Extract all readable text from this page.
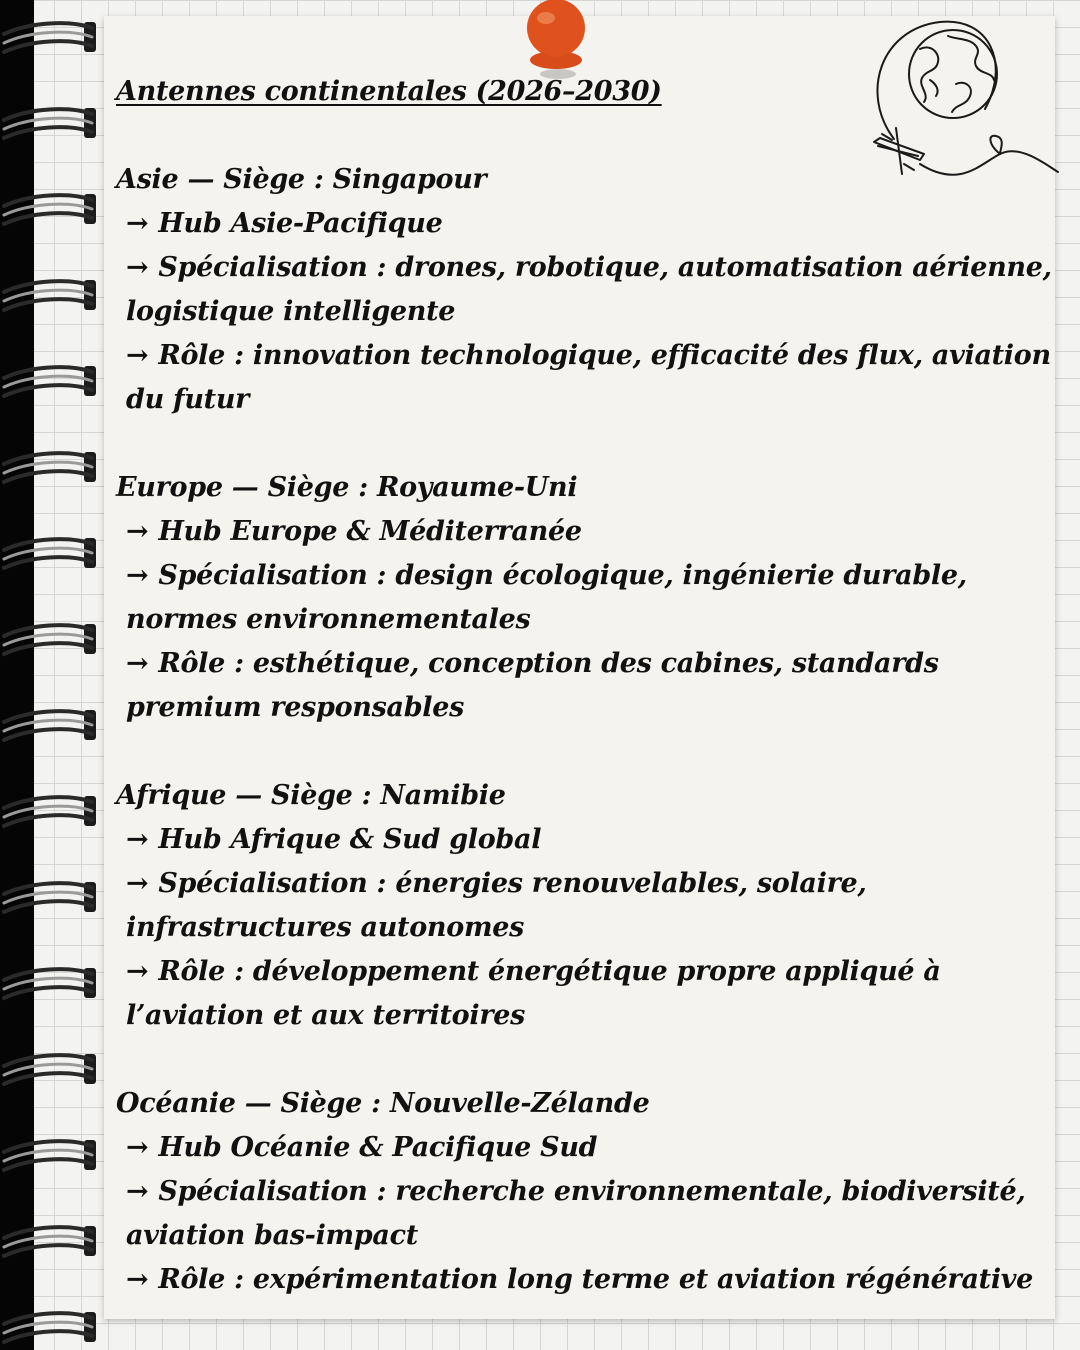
Antennes continentales (2026–2030)

Asie — Siège : Singapour

→ Hub Asie-Pacifique

→ Spécialisation : drones, robotique, automatisation aérienne, logistique intelligente

→ Rôle : innovation technologique, efficacité des flux, aviation du futur

Europe — Siège : Royaume-Uni

→ Hub Europe & Méditerranée

→ Spécialisation : design écologique, ingénierie durable, normes environnementales

→ Rôle : esthétique, conception des cabines, standards premium responsables

Afrique — Siège : Namibie

→ Hub Afrique & Sud global

→ Spécialisation : énergies renouvelables, solaire, infrastructures autonomes

→ Rôle : développement énergétique propre appliqué à l’aviation et aux territoires

Océanie — Siège : Nouvelle-Zélande

→ Hub Océanie & Pacifique Sud

→ Spécialisation : recherche environnementale, biodiversité, aviation bas-impact

→ Rôle : expérimentation long terme et aviation régénérative
